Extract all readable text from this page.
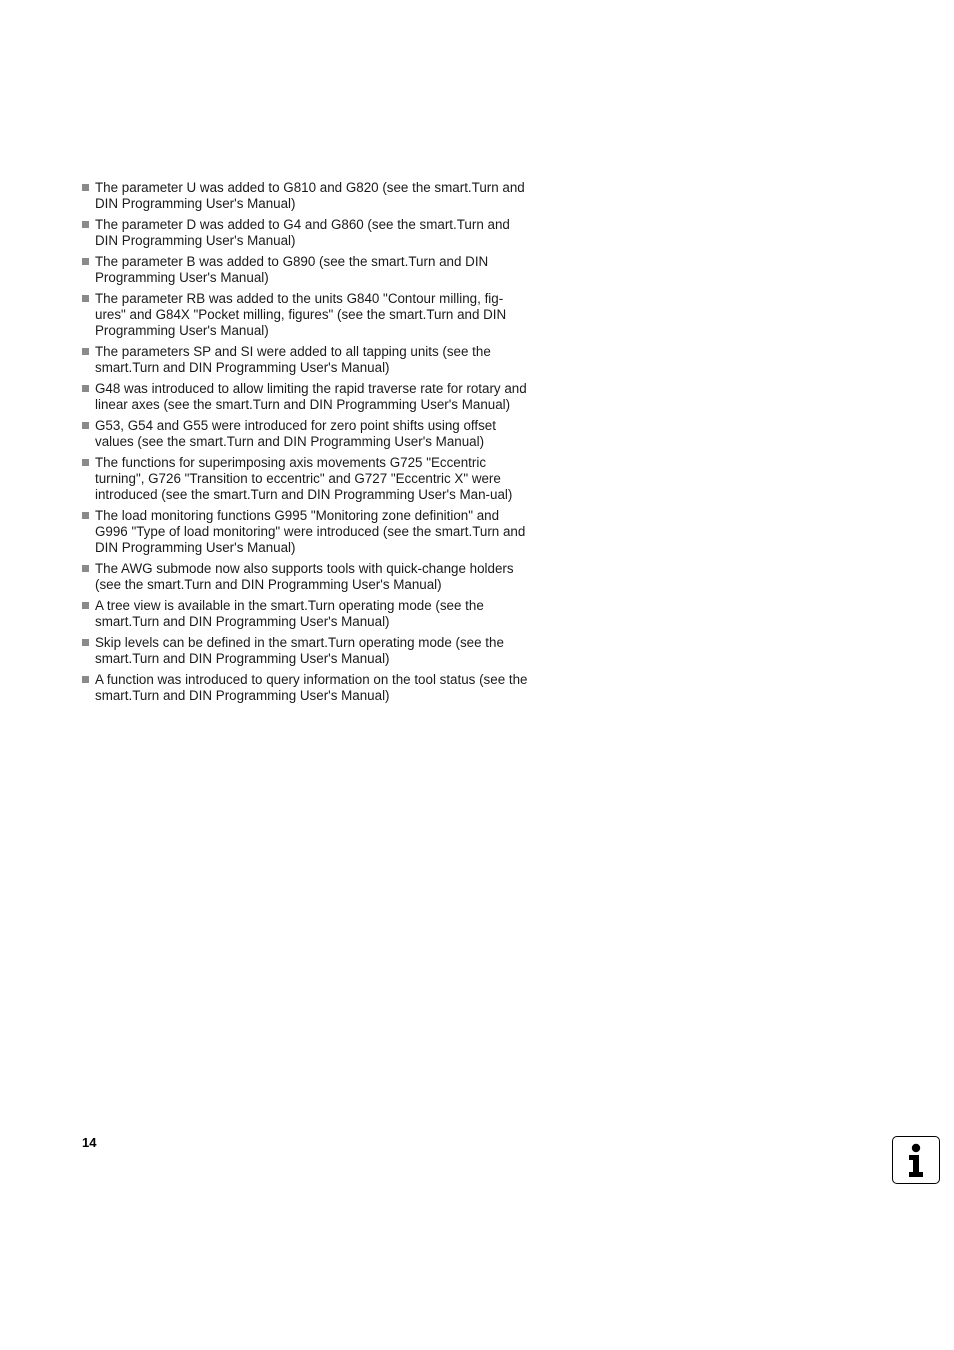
The parameter U was added to G810 and G820 (see the smart.Turn and DIN Programming User's Manual)
The parameter D was added to G4 and G860 (see the smart.Turn and DIN Programming User's Manual)
The parameter B was added to G890 (see the smart.Turn and DIN Programming User's Manual)
The parameter RB was added to the units G840 "Contour milling, fig-ures" and G84X "Pocket milling, figures" (see the smart.Turn and DIN Programming User's Manual)
The parameters SP and SI were added to all tapping units (see the smart.Turn and DIN Programming User's Manual)
G48 was introduced to allow limiting the rapid traverse rate for rotary and linear axes (see the smart.Turn and DIN Programming User's Manual)
G53, G54 and G55 were introduced for zero point shifts using offset values (see the smart.Turn and DIN Programming User's Manual)
The functions for superimposing axis movements G725 "Eccentric turning", G726 "Transition to eccentric" and G727 "Eccentric X" were introduced (see the smart.Turn and DIN Programming User's Man-ual)
The load monitoring functions G995 "Monitoring zone definition" and G996 "Type of load monitoring" were introduced (see the smart.Turn and DIN Programming User's Manual)
The AWG submode now also supports tools with quick-change holders (see the smart.Turn and DIN Programming User's Manual)
A tree view is available in the smart.Turn operating mode (see the smart.Turn and DIN Programming User's Manual)
Skip levels can be defined in the smart.Turn operating mode (see the smart.Turn and DIN Programming User's Manual)
A function was introduced to query information on the tool status (see the smart.Turn and DIN Programming User's Manual)
14
